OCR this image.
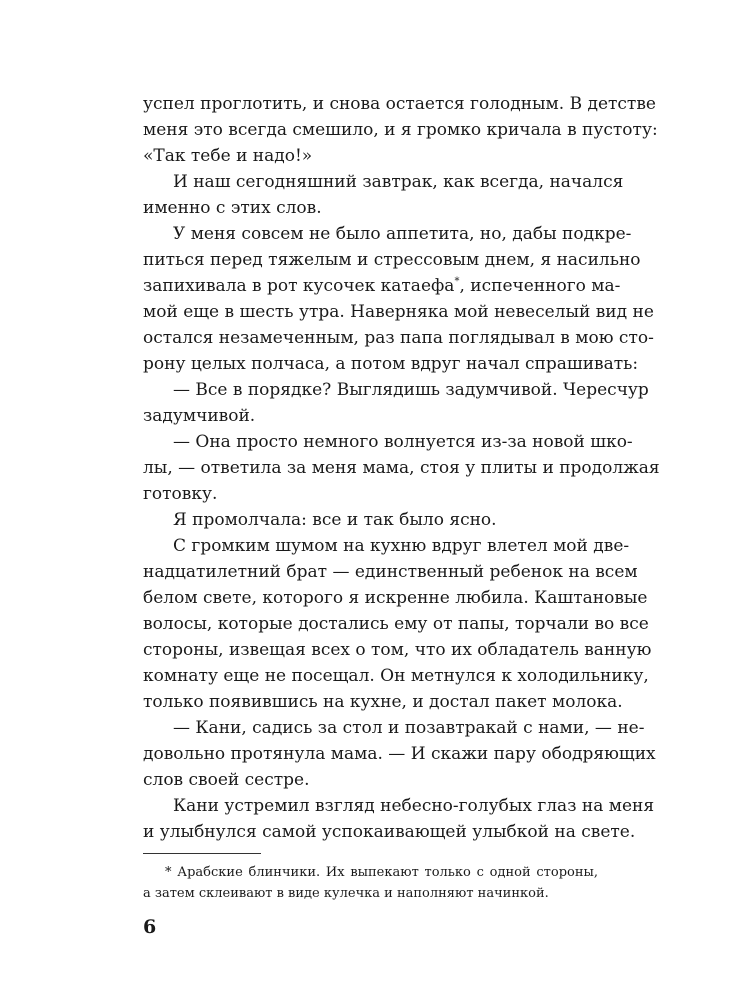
успел проглотить, и снова остается голодным. В детстве
меня это всегда смешило, и я громко кричала в пустоту:
«Так тебе и надо!»
И наш сегодняшний завтрак, как всегда, начался
именно с этих слов.
У меня совсем не было аппетита, но, дабы подкре-
питься перед тяжелым и стрессовым днем, я насильно
запихивала в рот кусочек катаефа*, испеченного ма-
мой еще в шесть утра. Наверняка мой невеселый вид не
остался незамеченным, раз папа поглядывал в мою сто-
рону целых полчаса, а потом вдруг начал спрашивать:
— Все в порядке? Выглядишь задумчивой. Чересчур
задумчивой.
— Она просто немного волнуется из-за новой шко-
лы, — ответила за меня мама, стоя у плиты и продолжая
готовку.
Я промолчала: все и так было ясно.
С громким шумом на кухню вдруг влетел мой две-
надцатилетний брат — единственный ребенок на всем
белом свете, которого я искренне любила. Каштановые
волосы, которые достались ему от папы, торчали во все
стороны, извещая всех о том, что их обладатель ванную
комнату еще не посещал. Он метнулся к холодильнику,
только появившись на кухне, и достал пакет молока.
— Кани, садись за стол и позавтракай с нами, — не-
довольно протянула мама. — И скажи пару ободряющих
слов своей сестре.
Кани устремил взгляд небесно-голубых глаз на меня
и улыбнулся самой успокаивающей улыбкой на свете.
* Арабские блинчики. Их выпекают только с одной стороны,
а затем склеивают в виде кулечка и наполняют начинкой.
6
